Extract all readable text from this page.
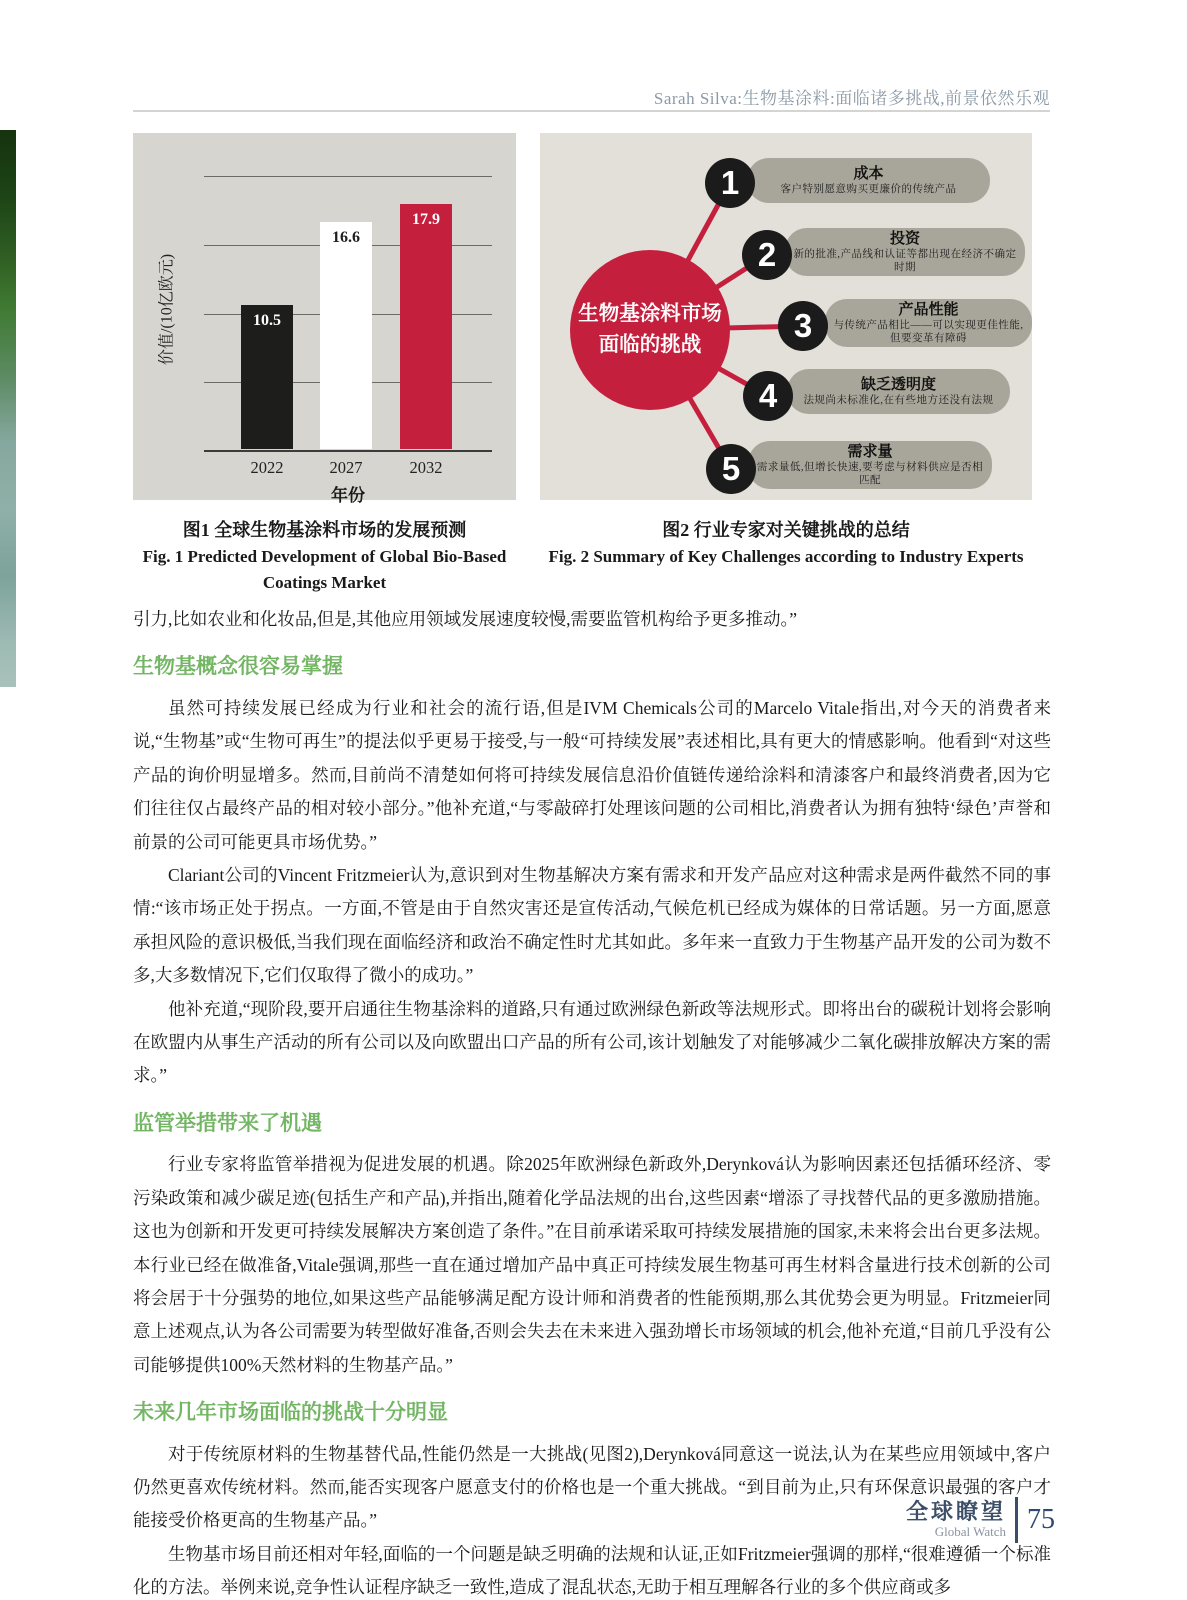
Sarah Silva:生物基涂料:面临诸多挑战,前景依然乐观
10.5
16.6
17.9
2022	2027	2032
年份
价值/(10亿欧元)	生物基涂料市场
面临的挑战
成本
客户特别愿意购买更廉价的传统产品
投资
新的批准,产品线和认证等都出现在经济不确定时期
产品性能
与传统产品相比——可以实现更佳性能,但要变革有障碍
缺乏透明度
法规尚未标准化,在有些地方还没有法规
需求量
需求量低,但增长快速,要考虑与材料供应是否相匹配
1
2
3
4
5
图1 全球生物基涂料市场的发展预测
Fig. 1 Predicted Development of Global Bio-Based
Coatings Market
图2 行业专家对关键挑战的总结
Fig. 2 Summary of Key Challenges according to Industry Experts

引力,比如农业和化妆品,但是,其他应用领域发展速度较慢,需要监管机构给予更多推动。”

生物基概念很容易掌握

虽然可持续发展已经成为行业和社会的流行语,但是IVM Chemicals公司的Marcelo Vitale指出,对今天的消费者来说,“生物基”或“生物可再生”的提法似乎更易于接受,与一般“可持续发展”表述相比,具有更大的情感影响。他看到“对这些产品的询价明显增多。然而,目前尚不清楚如何将可持续发展信息沿价值链传递给涂料和清漆客户和最终消费者,因为它们往往仅占最终产品的相对较小部分。”他补充道,“与零敲碎打处理该问题的公司相比,消费者认为拥有独特‘绿色’声誉和前景的公司可能更具市场优势。”

Clariant公司的Vincent Fritzmeier认为,意识到对生物基解决方案有需求和开发产品应对这种需求是两件截然不同的事情:“该市场正处于拐点。一方面,不管是由于自然灾害还是宣传活动,气候危机已经成为媒体的日常话题。另一方面,愿意承担风险的意识极低,当我们现在面临经济和政治不确定性时尤其如此。多年来一直致力于生物基产品开发的公司为数不多,大多数情况下,它们仅取得了微小的成功。”

他补充道,“现阶段,要开启通往生物基涂料的道路,只有通过欧洲绿色新政等法规形式。即将出台的碳税计划将会影响在欧盟内从事生产活动的所有公司以及向欧盟出口产品的所有公司,该计划触发了对能够减少二氧化碳排放解决方案的需求。”

监管举措带来了机遇

行业专家将监管举措视为促进发展的机遇。除2025年欧洲绿色新政外,Derynková认为影响因素还包括循环经济、零污染政策和减少碳足迹(包括生产和产品),并指出,随着化学品法规的出台,这些因素“增添了寻找替代品的更多激励措施。这也为创新和开发更可持续发展解决方案创造了条件。”在目前承诺采取可持续发展措施的国家,未来将会出台更多法规。本行业已经在做准备,Vitale强调,那些一直在通过增加产品中真正可持续发展生物基可再生材料含量进行技术创新的公司将会居于十分强势的地位,如果这些产品能够满足配方设计师和消费者的性能预期,那么其优势会更为明显。Fritzmeier同意上述观点,认为各公司需要为转型做好准备,否则会失去在未来进入强劲增长市场领域的机会,他补充道,“目前几乎没有公司能够提供100%天然材料的生物基产品。”

未来几年市场面临的挑战十分明显

对于传统原材料的生物基替代品,性能仍然是一大挑战(见图2),Derynková同意这一说法,认为在某些应用领域中,客户仍然更喜欢传统材料。然而,能否实现客户愿意支付的价格也是一个重大挑战。“到目前为止,只有环保意识最强的客户才能接受价格更高的生物基产品。”

生物基市场目前还相对年轻,面临的一个问题是缺乏明确的法规和认证,正如Fritzmeier强调的那样,“很难遵循一个标准化的方法。举例来说,竞争性认证程序缺乏一致性,造成了混乱状态,无助于相互理解各行业的多个供应商或多

全球瞭望
Global Watch 75
